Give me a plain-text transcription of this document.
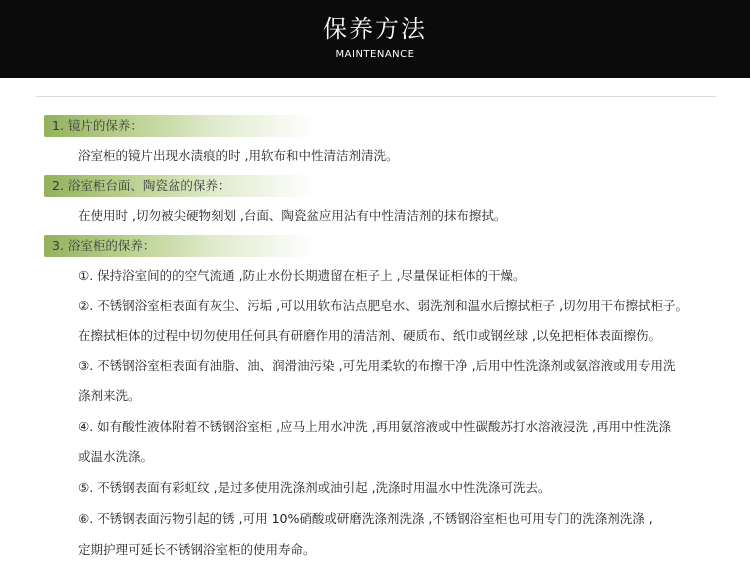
保养方法
MAINTENANCE
1. 镜片的保养：
浴室柜的镜片出现水渍痕的时 ,用软布和中性清洁剂清洗。
2. 浴室柜台面、陶瓷盆的保养：
在使用时 ,切勿被尖硬物刻划 ,台面、陶瓷盆应用沾有中性清洁剂的抹布擦拭。
3. 浴室柜的保养：
①. 保持浴室间的的空气流通 ,防止水份长期遗留在柜子上 ,尽量保证柜体的干燥。
②. 不锈钢浴室柜表面有灰尘、污垢 ,可以用软布沾点肥皂水、弱洗剂和温水后擦拭柜子 ,切勿用干布擦拭柜子。
在擦拭柜体的过程中切勿使用任何具有研磨作用的清洁剂、硬质布、纸巾或钢丝球 ,以免把柜体表面擦伤。
③. 不锈钢浴室柜表面有油脂、油、润滑油污染 ,可先用柔软的布擦干净 ,后用中性洗涤剂或氨溶液或用专用洗
涤剂来洗。
④. 如有酸性液体附着不锈钢浴室柜 ,应马上用水冲洗 ,再用氨溶液或中性碳酸苏打水溶液浸洗 ,再用中性洗涤
或温水洗涤。
⑤. 不锈钢表面有彩虹纹 ,是过多使用洗涤剂或油引起 ,洗涤时用温水中性洗涤可洗去。
⑥. 不锈钢表面污物引起的锈 ,可用 10%硝酸或研磨洗涤剂洗涤 ,不锈钢浴室柜也可用专门的洗涤剂洗涤 ,
定期护理可延长不锈钢浴室柜的使用寿命。
